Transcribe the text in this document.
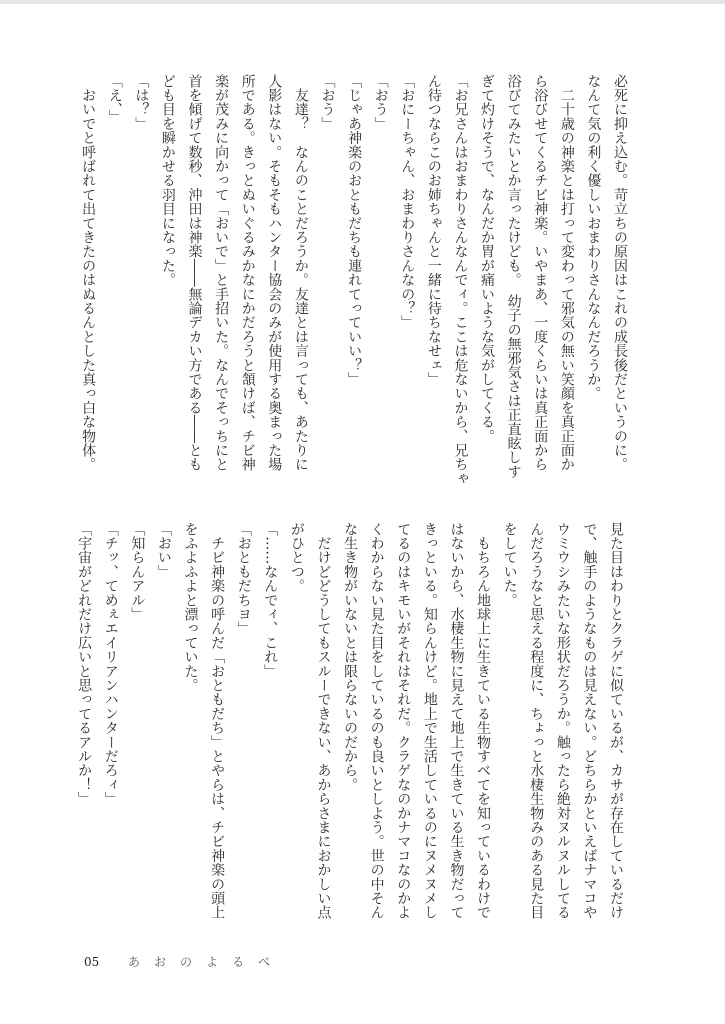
必死に抑え込む。苛立ちの原因はこれの成長後だというのに。
なんて気の利く優しいおまわりさんなんだろうか。
　二十歳の神楽とは打って変わって邪気の無い笑顔を真正面か
ら浴びせてくるチビ神楽。いやまあ、一度くらいは真正面から
浴びてみたいとか言ったけども。　幼子の無邪気さは正直眩しす
ぎて灼けそうで、なんだか胃が痛いような気がしてくる。
「お兄さんはおまわりさんなんでィ。ここは危ないから、兄ちゃ
ん待つならこのお姉ちゃんと一緒に待ちなせェ」
「おにーちゃん、おまわりさんなの？」
「おう」
「じゃあ神楽のおともだちも連れてっていい？」
「おう」
　友達？　なんのことだろうか。友達とは言っても、あたりに
人影はない。そもそもハンター協会のみが使用する奥まった場
所である。きっとぬいぐるみかなにかだろうと頷けば、チビ神
楽が茂みに向かって「おいで」と手招いた。なんでそっちにと
首を傾げて数秒、沖田は神楽――無論デカい方である――とも
ども目を瞬かせる羽目になった。
「は？」
「え、」
　おいでと呼ばれて出てきたのはぬるんとした真っ白な物体。
見た目はわりとクラゲに似ているが、カサが存在しているだけ
で、触手のようなものは見えない。どちらかといえばナマコや
ウミウシみたいな形状だろうか。触ったら絶対ヌルヌルしてる
んだろうなと思える程度に、ちょっと水棲生物みのある見た目
をしていた。
　もちろん地球上に生きている生物すべてを知っているわけで
はないから、水棲生物に見えて地上で生きている生き物だって
きっといる。知らんけど。地上で生活しているのにヌメヌメし
てるのはキモいがそれはそれだ。クラゲなのかナマコなのかよ
くわからない見た目をしているのも良いとしよう。世の中そん
な生き物がいないとは限らないのだから。
　だけどどうしてもスルーできない、あからさまにおかしい点
がひとつ。
「……なんでィ、これ」
「おともだちヨ」
　チビ神楽の呼んだ「おともだち」とやらは、チビ神楽の頭上
をふよふよと漂っていた。
「おい」
「知らんアル」
「チッ、てめぇエイリアンハンターだろィ」
「宇宙がどれだけ広いと思ってるアルか！」
05 あおのよるべ
